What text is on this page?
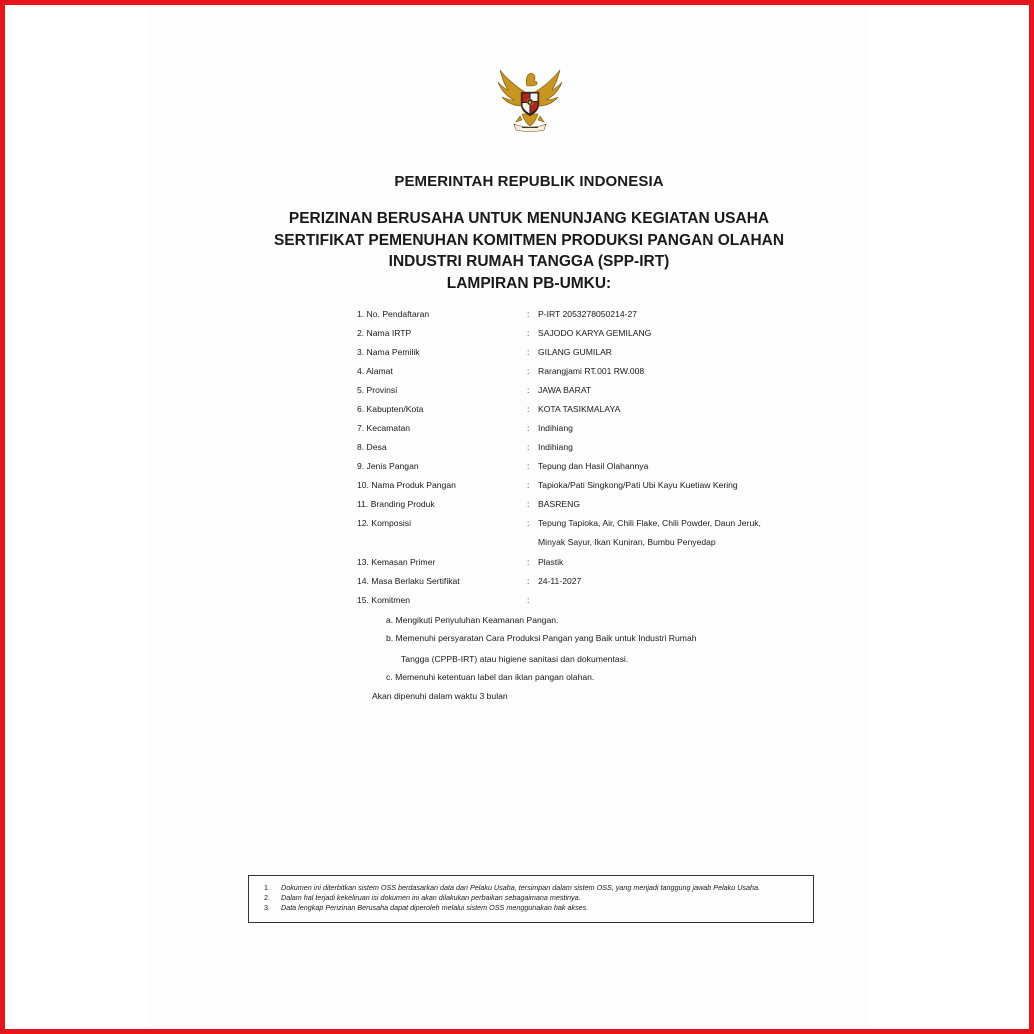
PEMERINTAH REPUBLIK INDONESIA
PERIZINAN BERUSAHA UNTUK MENUNJANG KEGIATAN USAHA
SERTIFIKAT PEMENUHAN KOMITMEN PRODUKSI PANGAN OLAHAN
INDUSTRI RUMAH TANGGA (SPP-IRT)
LAMPIRAN PB-UMKU:
1. No. Pendaftaran	: P-IRT 2053278050214-27
2. Nama IRTP	: SAJODO KARYA GEMILANG
3. Nama Pemilik	: GILANG GUMILAR
4. Alamat	: Rarangjami RT.001 RW.008
5. Provinsi	: JAWA BARAT
6. Kabupten/Kota	: KOTA TASIKMALAYA
7. Kecamatan	: Indihiang
8. Desa	: Indihiang
9. Jenis Pangan	: Tepung dan Hasil Olahannya
10. Nama Produk Pangan	: Tapioka/Pati Singkong/Pati Ubi Kayu Kuetiaw Kering
11. Branding Produk	: BASRENG
12. Komposisi	: Tepung Tapioka, Air, Chili Flake, Chili Powder, Daun Jeruk,
Minyak Sayur, Ikan Kuniran, Bumbu Penyedap
13. Kemasan Primer	: Plastik
14. Masa Berlaku Sertifikat	: 24-11-2027
15. Komitmen	:
a. Mengikuti Penyuluhan Keamanan Pangan.
b. Memenuhi persyaratan Cara Produksi Pangan yang Baik untuk Industri Rumah
Tangga (CPPB-IRT) atau higiene sanitasi dan dokumentasi.
c. Memenuhi ketentuan label dan iklan pangan olahan.
Akan dipenuhi dalam waktu 3 bulan
1. Dokumen ini diterbitkan sistem OSS berdasarkan data dari Pelaku Usaha, tersimpan dalam sistem OSS, yang menjadi tanggung jawab Pelaku Usaha.
2. Dalam hal terjadi kekeliruan isi dokumen ini akan dilakukan perbaikan sebagaimana mestinya.
3. Data lengkap Perizinan Berusaha dapat diperoleh melalui sistem OSS menggunakan hak akses.
